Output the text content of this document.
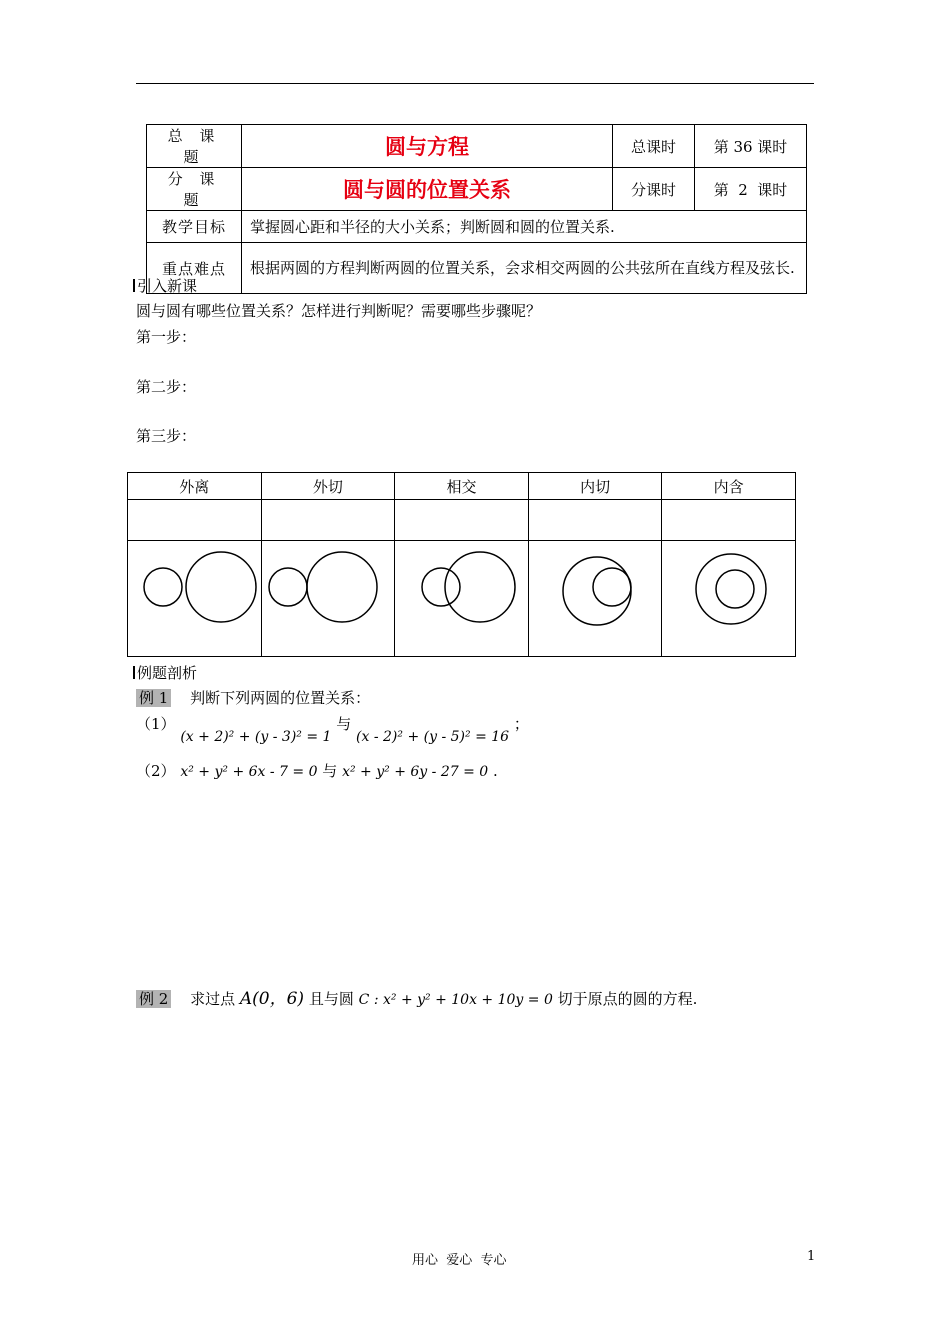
总 课 题	圆与方程	总课时	第 36 课时
分 课 题	圆与圆的位置关系	分课时	第  2  课时
教学目标	掌握圆心距和半径的大小关系；判断圆和圆的位置关系.		
重点难点	根据两圆的方程判断两圆的位置关系，会求相交两圆的公共弦所在直线方程及弦长.		
引入新课
圆与圆有哪些位置关系？怎样进行判断呢？需要哪些步骤呢？
第一步：
第二步：
第三步：
外离	外切	相交	内切	内含

例题剖析
例 1 判断下列两圆的位置关系：
（1） (x + 2)² + (y - 3)² = 1 与 (x - 2)² + (y - 5)² = 16 ；
（2） x² + y² + 6x - 7 = 0 与 x² + y² + 6y - 27 = 0 .
例 2 求过点 A(0，6) 且与圆 C : x² + y² + 10x + 10y = 0 切于原点的圆的方程.
用心  爱心  专心	1
